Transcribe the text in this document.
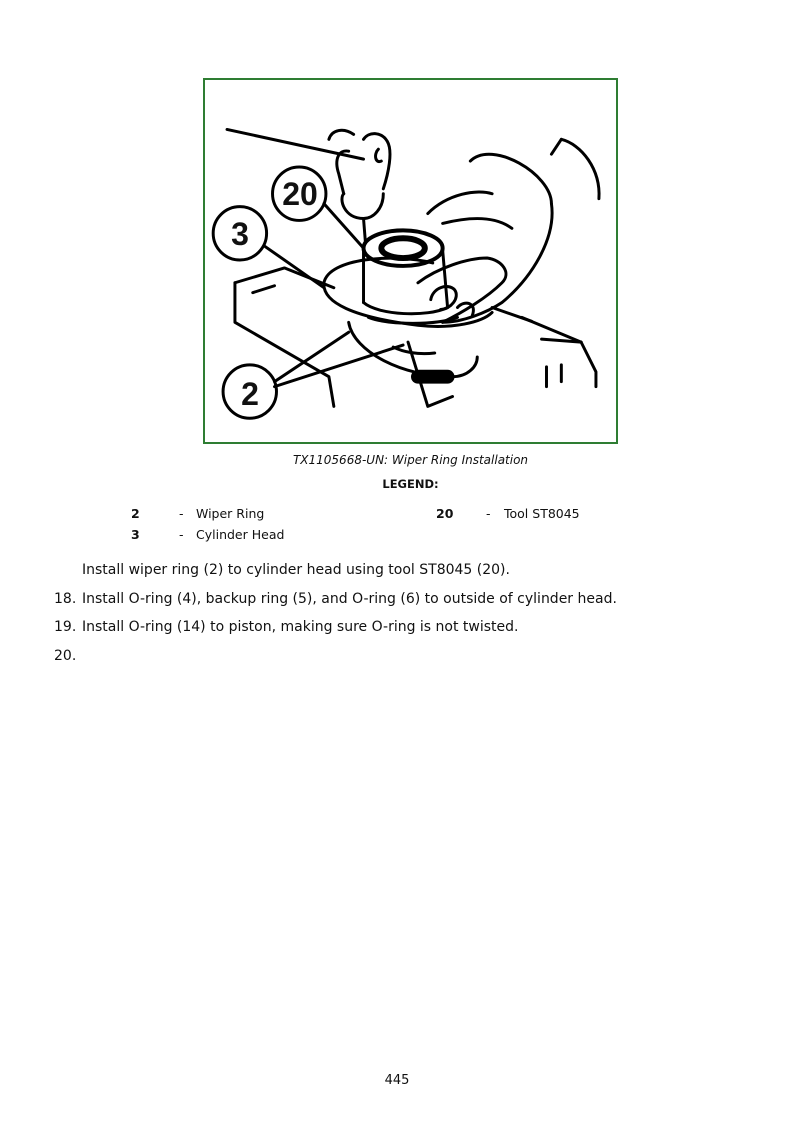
20
3
2
TX1105668-UN: Wiper Ring Installation
LEGEND:
2	- Wiper Ring
3	- Cylinder Head
20	- Tool ST8045
Install wiper ring (2) to cylinder head using tool ST8045 (20).
18. Install O-ring (4), backup ring (5), and O-ring (6) to outside of cylinder head.
19. Install O-ring (14) to piston, making sure O-ring is not twisted.
20.
445
